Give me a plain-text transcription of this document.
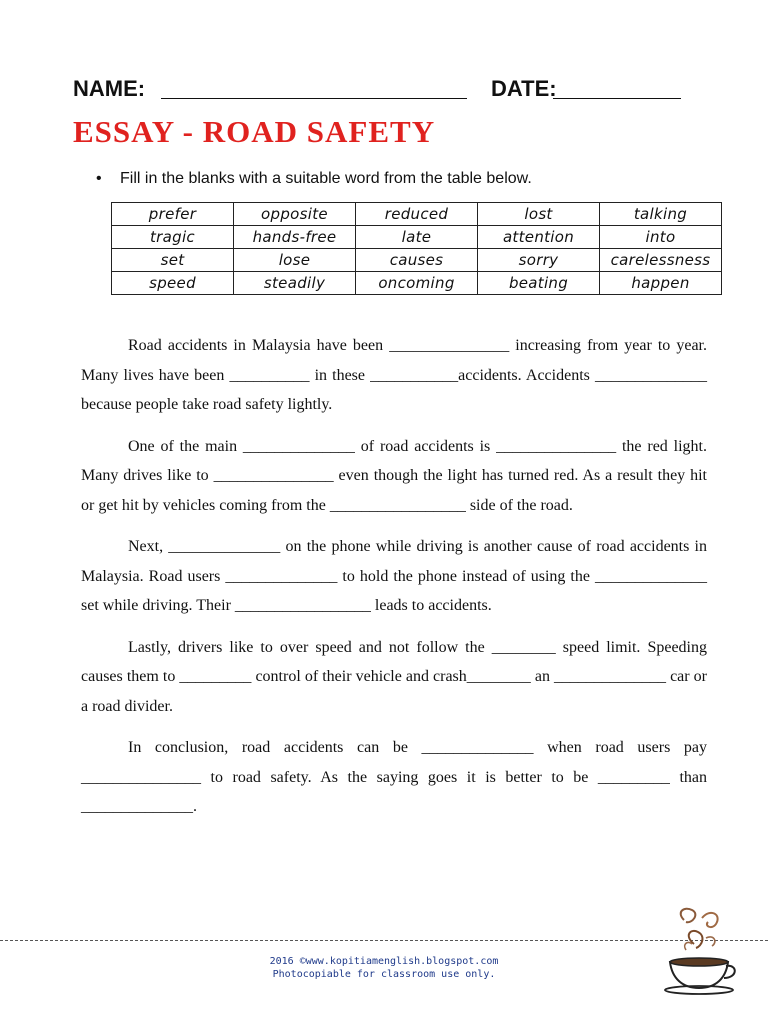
NAME:	DATE:
ESSAY - ROAD SAFETY
• Fill in the blanks with a suitable word from the table below.
prefer	opposite	reduced	lost	talking
tragic	hands-free	late	attention	into
set	lose	causes	sorry	carelessness
speed	steadily	oncoming	beating	happen

Road accidents in Malaysia have been _______________ increasing from year to year. Many lives have been __________ in these ___________accidents. Accidents ______________ because people take road safety lightly.

One of the main ______________ of road accidents is _______________ the red light. Many drives like to _______________ even though the light has turned red. As a result they hit or get hit by vehicles coming from the _________________ side of the road.

Next, ______________ on the phone while driving is another cause of road accidents in Malaysia. Road users ______________ to hold the phone instead of using the ______________ set while driving. Their _________________ leads to accidents.

Lastly, drivers like to over speed and not follow the ________ speed limit. Speeding causes them to _________ control of their vehicle and crash________ an ______________ car or a road divider.

In conclusion, road accidents can be ______________ when road users pay _______________ to road safety. As the saying goes it is better to be _________ than ______________.

2016 ©www.kopitiamenglish.blogspot.com
Photocopiable for classroom use only.
